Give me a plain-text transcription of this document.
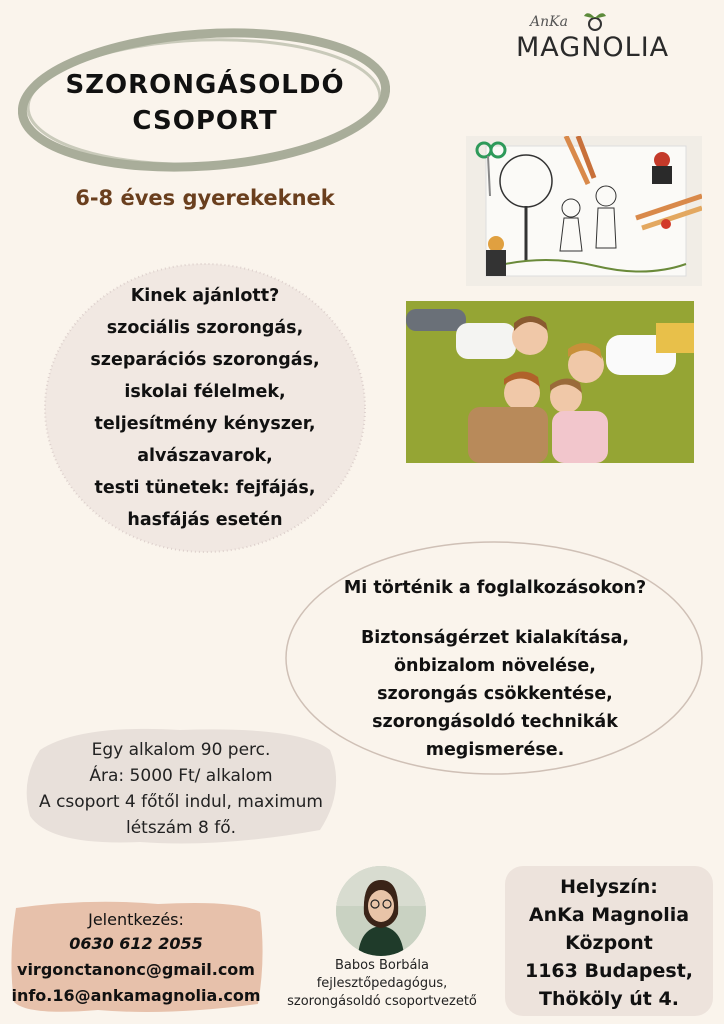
SZORONGÁSOLDÓ
CSOPORT
6-8 éves gyerekeknek
AnKa
MAGNOLIA
Kinek ajánlott?
szociális szorongás,
szeparációs szorongás,
iskolai félelmek,
teljesítmény kényszer,
alvászavarok,
testi tünetek: fejfájás,
hasfájás esetén
Mi történik a foglalkozásokon?
Biztonságérzet kialakítása,
önbizalom növelése,
szorongás csökkentése,
szorongásoldó technikák
megismerése.
Egy alkalom 90 perc.
Ára: 5000 Ft/ alkalom
A csoport 4 főtől indul, maximum
létszám 8 fő.
Jelentkezés:
0630 612 2055
virgonctanonc@gmail.com
info.16@ankamagnolia.com
Babos Borbála
fejlesztőpedagógus,
szorongásoldó csoportvezető
Helyszín:
AnKa Magnolia
Központ
1163 Budapest,
Thököly út 4.
